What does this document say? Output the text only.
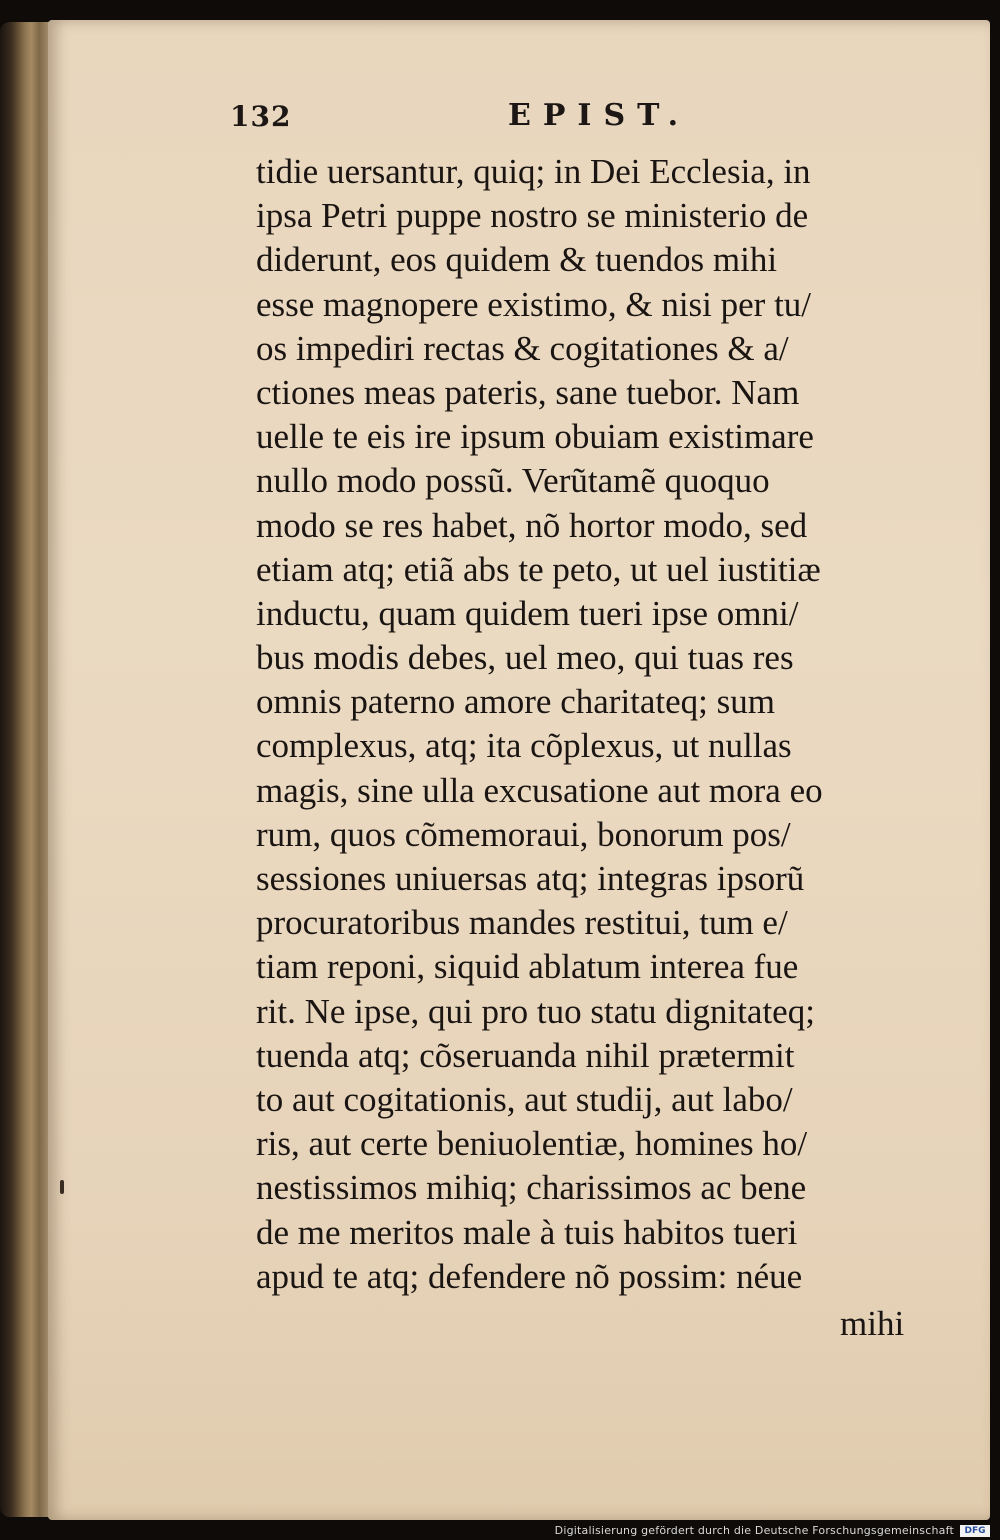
132	EPIST.
tidie uersantur, quiq; in Dei Ecclesia, in
ipsa Petri puppe nostro se ministerio de
diderunt, eos quidem & tuendos mihi
esse magnopere existimo, & nisi per tu/
os impediri rectas & cogitationes & a/
ctiones meas pateris, sane tuebor. Nam
uelle te eis ire ipsum obuiam existimare
nullo modo possũ. Verũtamẽ quoquo
modo se res habet, nõ hortor modo, sed
etiam atq; etiã abs te peto, ut uel iustitiæ
inductu, quam quidem tueri ipse omni/
bus modis debes, uel meo, qui tuas res
omnis paterno amore charitateq; sum
complexus, atq; ita cõplexus, ut nullas
magis, sine ulla excusatione aut mora eo
rum, quos cõmemoraui, bonorum pos/
sessiones uniuersas atq; integras ipsorũ
procuratoribus mandes restitui, tum e/
tiam reponi, siquid ablatum interea fue
rit. Ne ipse, qui pro tuo statu dignitateq;
tuenda atq; cõseruanda nihil prætermit
to aut cogitationis, aut studij, aut labo/
ris, aut certe beniuolentiæ, homines ho/
nestissimos mihiq; charissimos ac bene
de me meritos male à tuis habitos tueri
apud te atq; defendere nõ possim: néue
mihi
Digitalisierung gefördert durch die Deutsche Forschungsgemeinschaft	DFG
